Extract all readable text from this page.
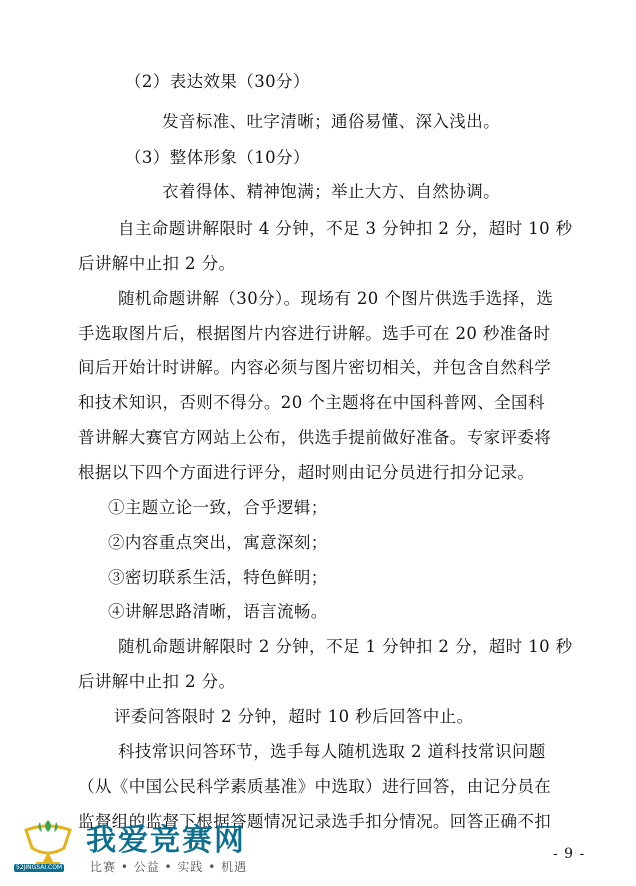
（2）表达效果（30分）
发音标准、吐字清晰；通俗易懂、深入浅出。
（3）整体形象（10分）
衣着得体、精神饱满；举止大方、自然协调。
自主命题讲解限时 4 分钟，不足 3 分钟扣 2 分，超时 10 秒
后讲解中止扣 2 分。
随机命题讲解（30分）。现场有 20 个图片供选手选择，选
手选取图片后，根据图片内容进行讲解。选手可在 20 秒准备时
间后开始计时讲解。内容必须与图片密切相关，并包含自然科学
和技术知识，否则不得分。20 个主题将在中国科普网、全国科
普讲解大赛官方网站上公布，供选手提前做好准备。专家评委将
根据以下四个方面进行评分，超时则由记分员进行扣分记录。
①主题立论一致，合乎逻辑；
②内容重点突出，寓意深刻；
③密切联系生活，特色鲜明；
④讲解思路清晰，语言流畅。
随机命题讲解限时 2 分钟，不足 1 分钟扣 2 分，超时 10 秒
后讲解中止扣 2 分。
评委问答限时 2 分钟，超时 10 秒后回答中止。
科技常识问答环节，选手每人随机选取 2 道科技常识问题
（从《中国公民科学素质基准》中选取）进行回答，由记分员在
监督组的监督下根据答题情况记录选手扣分情况。回答正确不扣
52JINGSAI.COM
我爱竞赛网
比赛 • 公益 • 实践 • 机遇
- 9 -
